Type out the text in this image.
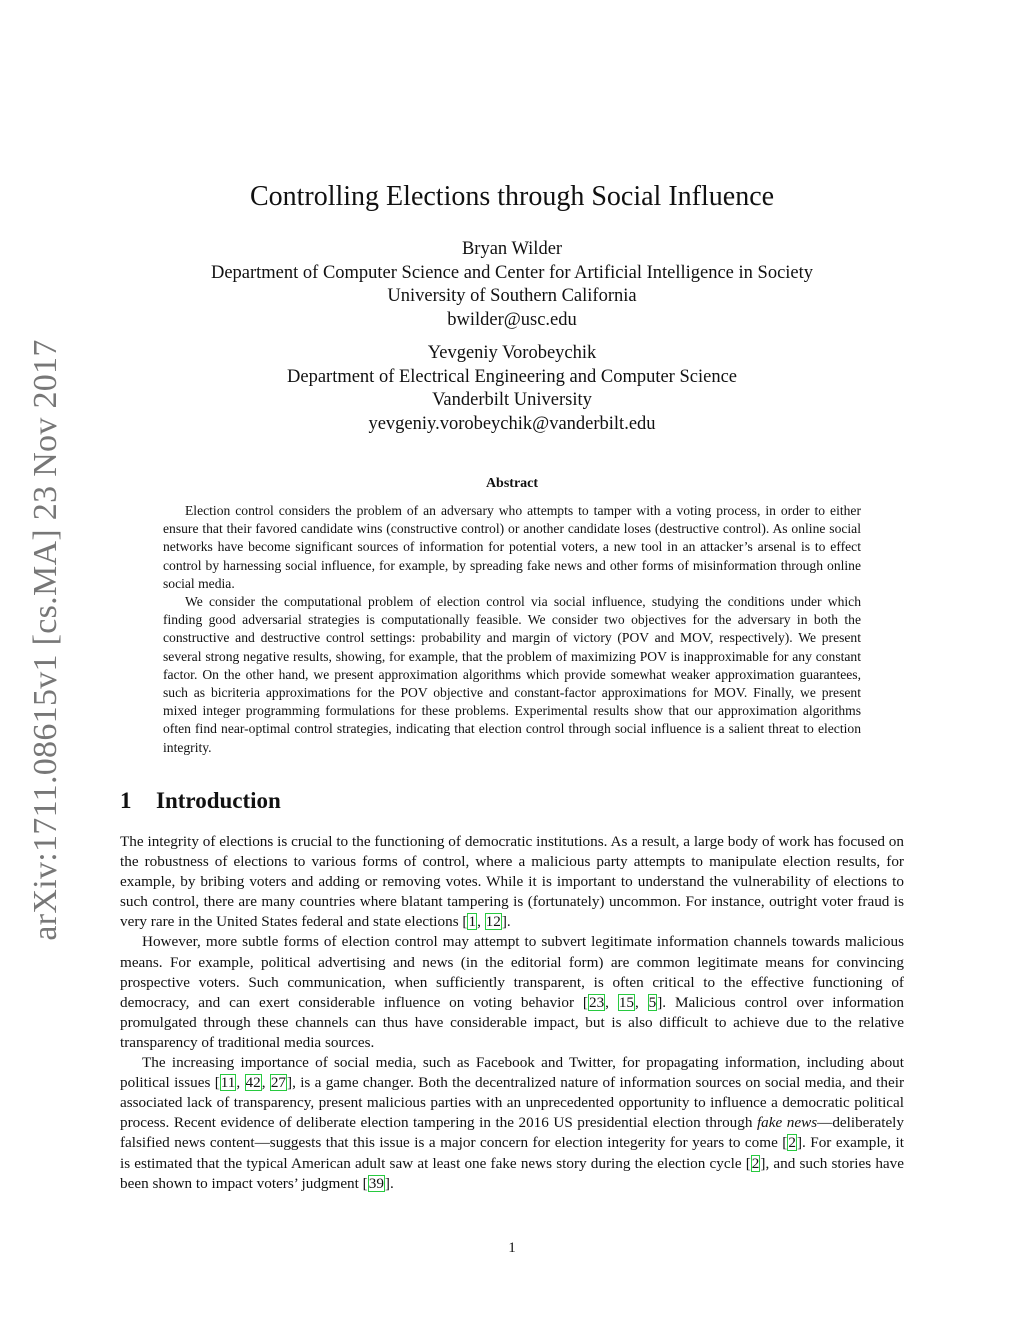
arXiv:1711.08615v1 [cs.MA] 23 Nov 2017
Controlling Elections through Social Influence
Bryan Wilder
Department of Computer Science and Center for Artificial Intelligence in Society
University of Southern California
bwilder@usc.edu
Yevgeniy Vorobeychik
Department of Electrical Engineering and Computer Science
Vanderbilt University
yevgeniy.vorobeychik@vanderbilt.edu
Abstract

Election control considers the problem of an adversary who attempts to tamper with a voting process, in order to either ensure that their favored candidate wins (constructive control) or another candidate loses (destructive control). As online social networks have become significant sources of information for potential voters, a new tool in an attacker’s arsenal is to effect control by harnessing social influence, for example, by spreading fake news and other forms of misinformation through online social media.

We consider the computational problem of election control via social influence, studying the conditions under which finding good adversarial strategies is computationally feasible. We consider two objectives for the adversary in both the constructive and destructive control settings: probability and margin of victory (POV and MOV, respectively). We present several strong negative results, showing, for example, that the problem of maximizing POV is inapproximable for any constant factor. On the other hand, we present approximation algorithms which provide somewhat weaker approximation guarantees, such as bicriteria approximations for the POV objective and constant-factor approximations for MOV. Finally, we present mixed integer programming formulations for these problems. Experimental results show that our approximation algorithms often find near-optimal control strategies, indicating that election control through social influence is a salient threat to election integrity.

1 Introduction

The integrity of elections is crucial to the functioning of democratic institutions. As a result, a large body of work has focused on the robustness of elections to various forms of control, where a malicious party attempts to manipulate election results, for example, by bribing voters and adding or removing votes. While it is important to understand the vulnerability of elections to such control, there are many countries where blatant tampering is (fortunately) uncommon. For instance, outright voter fraud is very rare in the United States federal and state elections [1, 12].

However, more subtle forms of election control may attempt to subvert legitimate information channels towards malicious means. For example, political advertising and news (in the editorial form) are common legitimate means for convincing prospective voters. Such communication, when sufficiently transparent, is often critical to the effective functioning of democracy, and can exert considerable influence on voting behavior [23, 15, 5]. Malicious control over information promulgated through these channels can thus have considerable impact, but is also difficult to achieve due to the relative transparency of traditional media sources.

The increasing importance of social media, such as Facebook and Twitter, for propagating information, including about political issues [11, 42, 27], is a game changer. Both the decentralized nature of information sources on social media, and their associated lack of transparency, present malicious parties with an unprecedented opportunity to influence a democratic political process. Recent evidence of deliberate election tampering in the 2016 US presidential election through fake news—deliberately falsified news content—suggests that this issue is a major concern for election integerity for years to come [2]. For example, it is estimated that the typical American adult saw at least one fake news story during the election cycle [2], and such stories have been shown to impact voters’ judgment [39].

1
